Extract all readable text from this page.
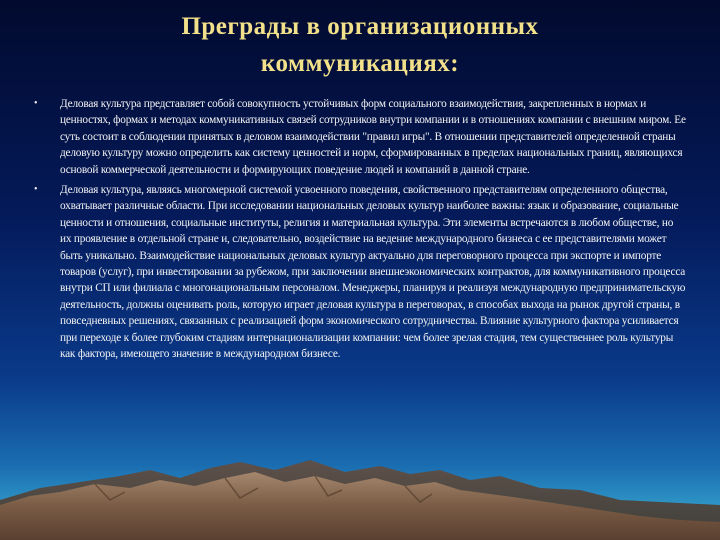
Преграды в организационных коммуникациях:
• Деловая культура представляет собой совокупность устойчивых форм социального взаимодействия, закрепленных в нормах и ценностях, формах и методах коммуникативных связей сотрудников внутри компании и в отношениях компании с внешним миром. Ее суть состоит в соблюдении принятых в деловом взаимодействии "правил игры". В отношении представителей определенной страны деловую культуру можно определить как систему ценностей и норм, сформированных в пределах национальных границ, являющихся основой коммерческой деятельности и формирующих поведение людей и компаний в данной стране.
• Деловая культура, являясь многомерной системой усвоенного поведения, свойственного представителям определенного общества, охватывает различные области. При исследовании национальных деловых культур наиболее важны: язык и образование, социальные ценности и отношения, социальные институты, религия и материальная культура. Эти элементы встречаются в любом обществе, но их проявление в отдельной стране и, следовательно, воздействие на ведение международного бизнеса с ее представителями может быть уникально. Взаимодействие национальных деловых культур актуально для переговорного процесса при экспорте и импорте товаров (услуг), при инвестировании за рубежом, при заключении внешнеэкономических контрактов, для коммуникативного процесса внутри СП или филиала с многонациональным персоналом. Менеджеры, планируя и реализуя международную предпринимательскую деятельность, должны оценивать роль, которую играет деловая культура в переговорах, в способах выхода на рынок другой страны, в повседневных решениях, связанных с реализацией форм экономического сотрудничества. Влияние культурного фактора усиливается при переходе к более глубоким стадиям интернационализации компании: чем более зрелая стадия, тем существеннее роль культуры как фактора, имеющего значение в международном бизнесе.
